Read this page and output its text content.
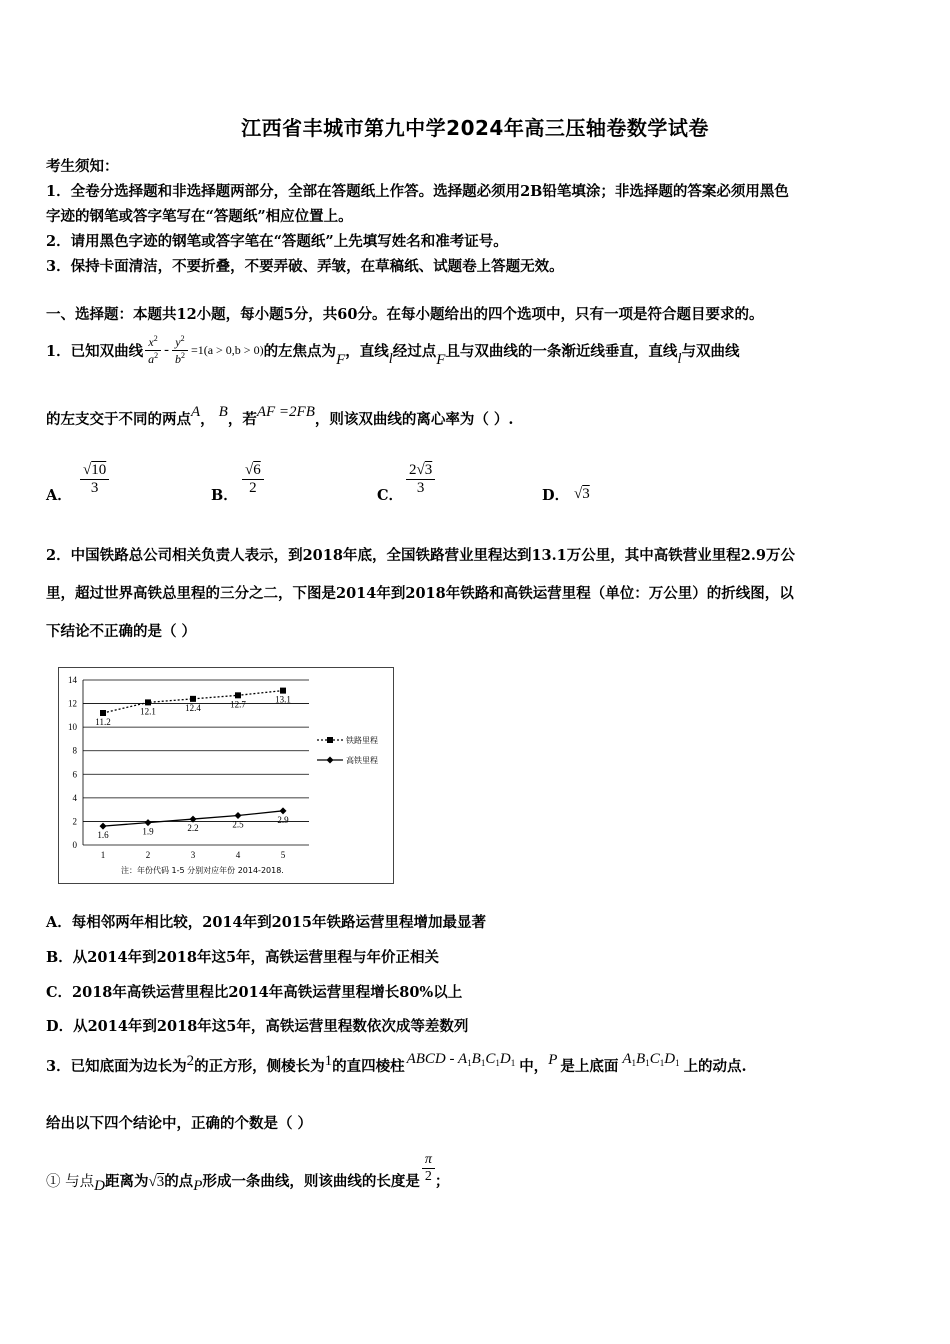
江西省丰城市第九中学2024年高三压轴卷数学试卷
考生须知：
1．全卷分选择题和非选择题两部分，全部在答题纸上作答。选择题必须用2B铅笔填涂；非选择题的答案必须用黑色
字迹的钢笔或答字笔写在“答题纸”相应位置上。
2．请用黑色字迹的钢笔或答字笔在“答题纸”上先填写姓名和准考证号。
3．保持卡面清洁，不要折叠，不要弄破、弄皱，在草稿纸、试题卷上答题无效。
一、选择题：本题共12小题，每小题5分，共60分。在每小题给出的四个选项中，只有一项是符合题目要求的。
1．已知双曲线 $\frac{x^2}{a^2} - \frac{y^2}{b^2} =1(a > 0,b > 0)$ 的左焦点为 F ，直线 l 经过点 F 且与双曲线的一条渐近线垂直，直线 l 与双曲线
的左支交于不同的两点 A ， B ，若 AF =2FB ，则该双曲线的离心率为（ ）.
A． $\frac{√10}{3}$	B． $\frac{√6}{2}$	C． $\frac{2√3}{3}$	D． √3
2．中国铁路总公司相关负责人表示，到2018年底，全国铁路营业里程达到13.1万公里，其中高铁营业里程2.9万公
里，超过世界高铁总里程的三分之二，下图是2014年到2018年铁路和高铁运营里程（单位：万公里）的折线图，以
下结论不正确的是（ ）
0
2
4
6
8
10
12
14
1	2	3	4	5
11.2
12.1	12.4	12.7	13.1
1.6	1.9	2.2	2.5	2.9
铁路里程
高铁里程
注：年份代码 1-5 分别对应年份 2014-2018.
A．每相邻两年相比较，2014年到2015年铁路运营里程增加最显著
B．从2014年到2018年这5年，高铁运营里程与年价正相关
C．2018年高铁运营里程比2014年高铁运营里程增长80%以上
D．从2014年到2018年这5年，高铁运营里程数依次成等差数列
3．已知底面为边长为 2 的正方形，侧棱长为 1 的直四棱柱 ABCD - $A_1B_1C_1D_1$ 中， P 是上底面 $A_1B_1C_1D_1$ 上的动点.
给出以下四个结论中，正确的个数是（ ）
① 与点 D 距离为 √3 的点 P 形成一条曲线，则该曲线的长度是 $\frac{\pi}{2}$ ；
